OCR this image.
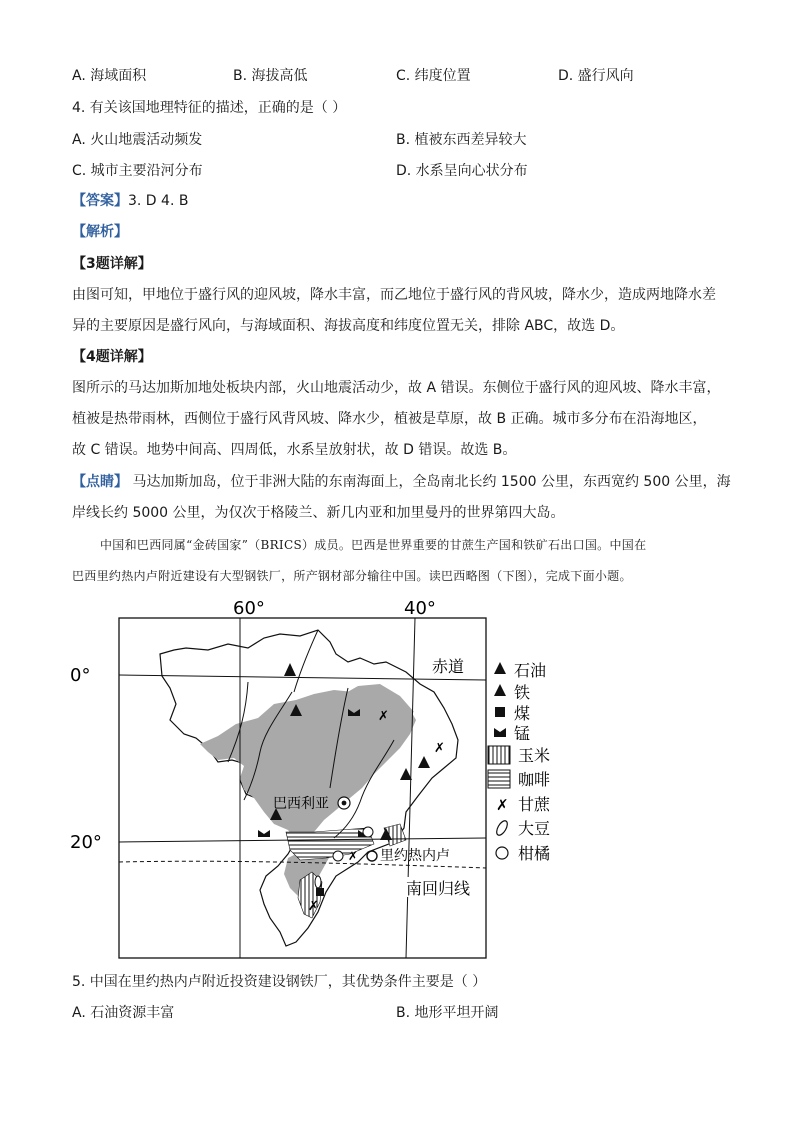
A. 海域面积	B. 海拔高低	C. 纬度位置	D. 盛行风向
4. 有关该国地理特征的描述，正确的是（ ）
A. 火山地震活动频发	B. 植被东西差异较大
C. 城市主要沿河分布	D. 水系呈向心状分布
【答案】3. D 4. B
【解析】
【3题详解】
由图可知，甲地位于盛行风的迎风坡，降水丰富，而乙地位于盛行风的背风坡，降水少，造成两地降水差
异的主要原因是盛行风向，与海域面积、海拔高度和纬度位置无关，排除 ABC，故选 D。
【4题详解】
图所示的马达加斯加地处板块内部，火山地震活动少，故 A 错误。东侧位于盛行风的迎风坡、降水丰富，
植被是热带雨林，西侧位于盛行风背风坡、降水少，植被是草原，故 B 正确。城市多分布在沿海地区，
故 C 错误。地势中间高、四周低，水系呈放射状，故 D 错误。故选 B。
【点睛】 马达加斯加岛，位于非洲大陆的东南海面上，全岛南北长约 1500 公里，东西宽约 500 公里，海
岸线长约 5000 公里，为仅次于格陵兰、新几内亚和加里曼丹的世界第四大岛。
中国和巴西同属“金砖国家”（BRICS）成员。巴西是世界重要的甘蔗生产国和铁矿石出口国。中国在
巴西里约热内卢附近建设有大型钢铁厂，所产钢材部分输往中国。读巴西略图（下图），完成下面小题。
60°	40°
0°
20°
赤道
南回归线
巴西利亚
里约热内卢
✗
✗
✗
✗
石油
铁
煤
锰
玉米
咖啡
✗ 甘蔗
大豆
柑橘
5. 中国在里约热内卢附近投资建设钢铁厂，其优势条件主要是（ ）
A. 石油资源丰富	B. 地形平坦开阔
